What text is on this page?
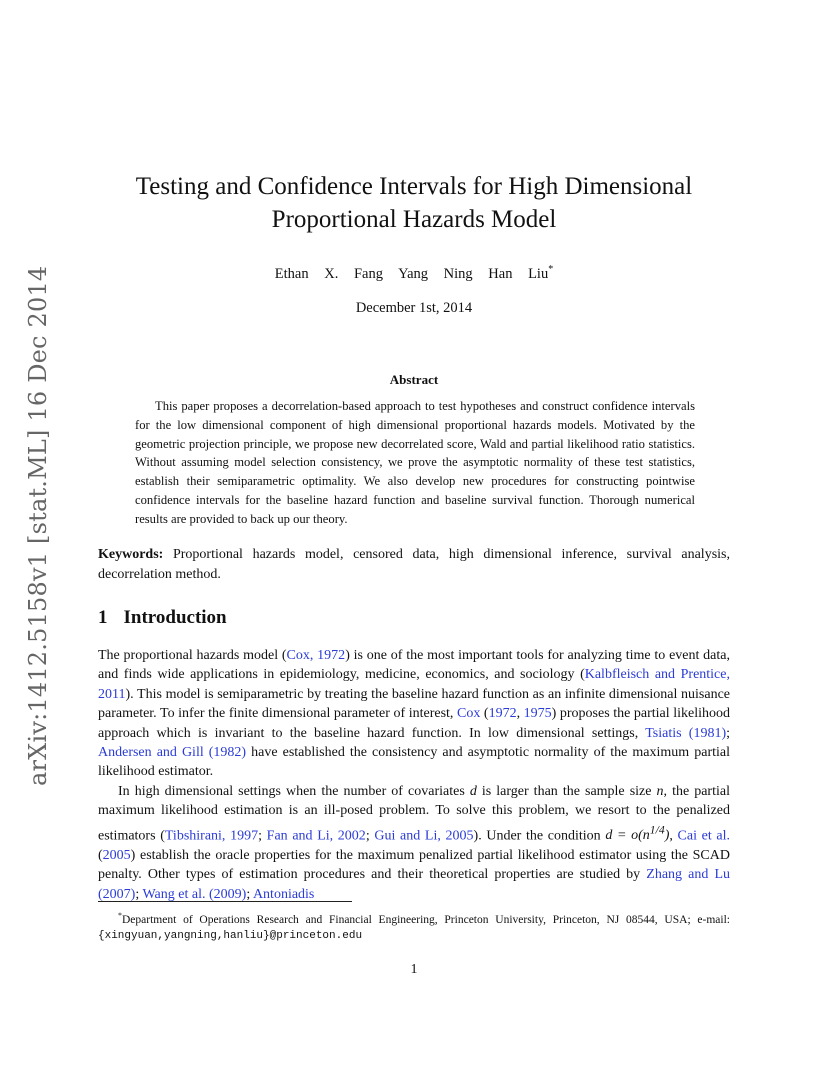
arXiv:1412.5158v1 [stat.ML] 16 Dec 2014
Testing and Confidence Intervals for High Dimensional
Proportional Hazards Model
Ethan X. Fang Yang Ning Han Liu*
December 1st, 2014
Abstract
This paper proposes a decorrelation-based approach to test hypotheses and construct confidence intervals for the low dimensional component of high dimensional proportional hazards models. Motivated by the geometric projection principle, we propose new decorrelated score, Wald and partial likelihood ratio statistics. Without assuming model selection consistency, we prove the asymptotic normality of these test statistics, establish their semiparametric optimality. We also develop new procedures for constructing pointwise confidence intervals for the baseline hazard function and baseline survival function. Thorough numerical results are provided to back up our theory.
Keywords: Proportional hazards model, censored data, high dimensional inference, survival analysis, decorrelation method.
1 Introduction

The proportional hazards model (Cox, 1972) is one of the most important tools for analyzing time to event data, and finds wide applications in epidemiology, medicine, economics, and sociology (Kalbfleisch and Prentice, 2011). This model is semiparametric by treating the baseline hazard function as an infinite dimensional nuisance parameter. To infer the finite dimensional parameter of interest, Cox (1972, 1975) proposes the partial likelihood approach which is invariant to the baseline hazard function. In low dimensional settings, Tsiatis (1981); Andersen and Gill (1982) have established the consistency and asymptotic normality of the maximum partial likelihood estimator.

In high dimensional settings when the number of covariates d is larger than the sample size n, the partial maximum likelihood estimation is an ill-posed problem. To solve this problem, we resort to the penalized estimators (Tibshirani, 1997; Fan and Li, 2002; Gui and Li, 2005). Under the condition $d = o(n^{1/4})$, Cai et al. (2005) establish the oracle properties for the maximum penalized partial likelihood estimator using the SCAD penalty. Other types of estimation procedures and their theoretical properties are studied by Zhang and Lu (2007); Wang et al. (2009); Antoniadis

*Department of Operations Research and Financial Engineering, Princeton University, Princeton, NJ 08544, USA; e-mail: {xingyuan,yangning,hanliu}@princeton.edu
1
